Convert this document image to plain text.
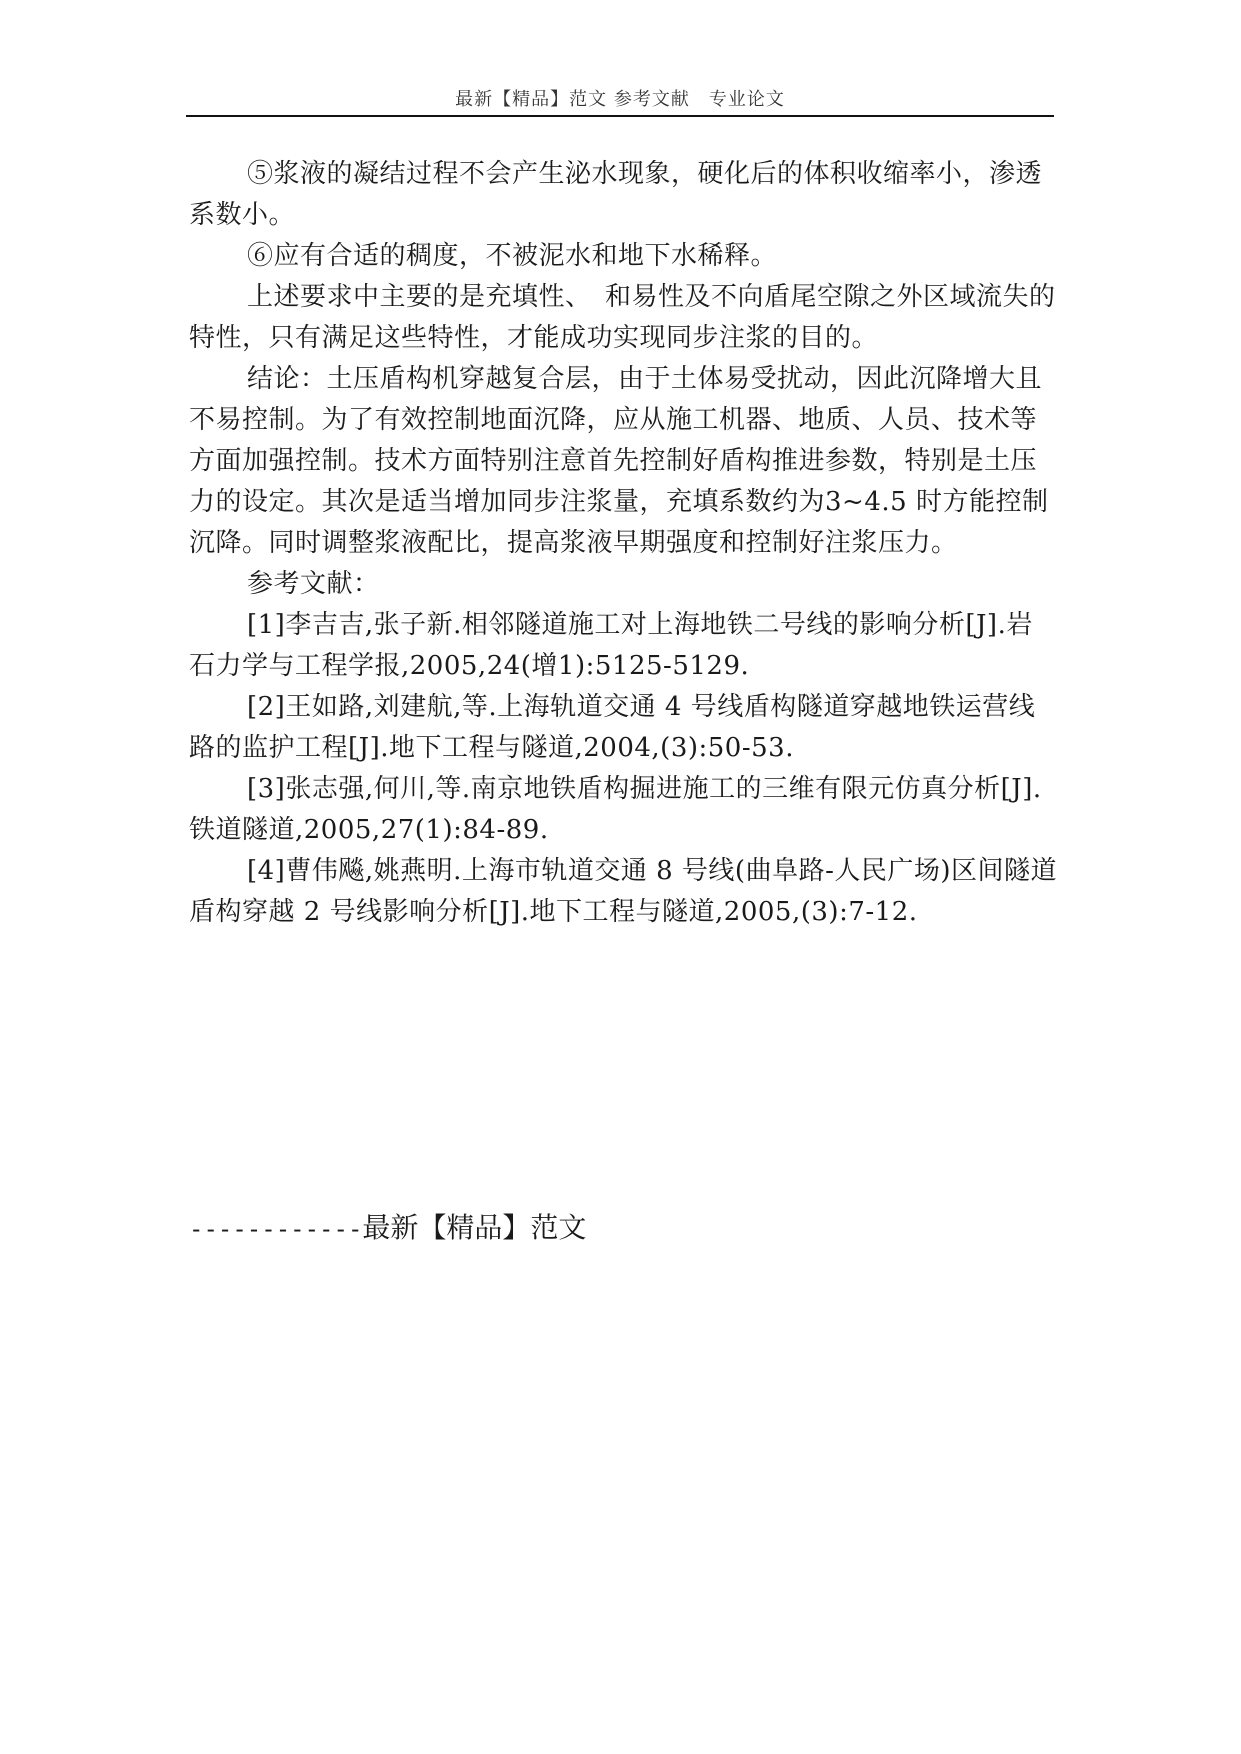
最新【精品】范文 参考文献　专业论文

⑤浆液的凝结过程不会产生泌水现象，硬化后的体积收缩率小，渗透系数小。

⑥应有合适的稠度，不被泥水和地下水稀释。

上述要求中主要的是充填性、　和易性及不向盾尾空隙之外区域流失的特性，只有满足这些特性，才能成功实现同步注浆的目的。

结论：土压盾构机穿越复合层，由于土体易受扰动，因此沉降增大且不易控制。为了有效控制地面沉降，应从施工机器、地质、人员、技术等方面加强控制。技术方面特别注意首先控制好盾构推进参数，特别是土压力的设定。其次是适当增加同步注浆量，充填系数约为3~4.5 时方能控制沉降。同时调整浆液配比，提高浆液早期强度和控制好注浆压力。

参考文献：

[1]李吉吉,张子新.相邻隧道施工对上海地铁二号线的影响分析[J].岩石力学与工程学报,2005,24(增1):5125-5129.

[2]王如路,刘建航,等.上海轨道交通 4 号线盾构隧道穿越地铁运营线路的监护工程[J].地下工程与隧道,2004,(3):50-53.

[3]张志强,何川,等.南京地铁盾构掘进施工的三维有限元仿真分析[J].铁道隧道,2005,27(1):84-89.

[4]曹伟飚,姚燕明.上海市轨道交通 8 号线(曲阜路-人民广场)区间隧道盾构穿越 2 号线影响分析[J].地下工程与隧道,2005,(3):7-12.

------------最新【精品】范文
